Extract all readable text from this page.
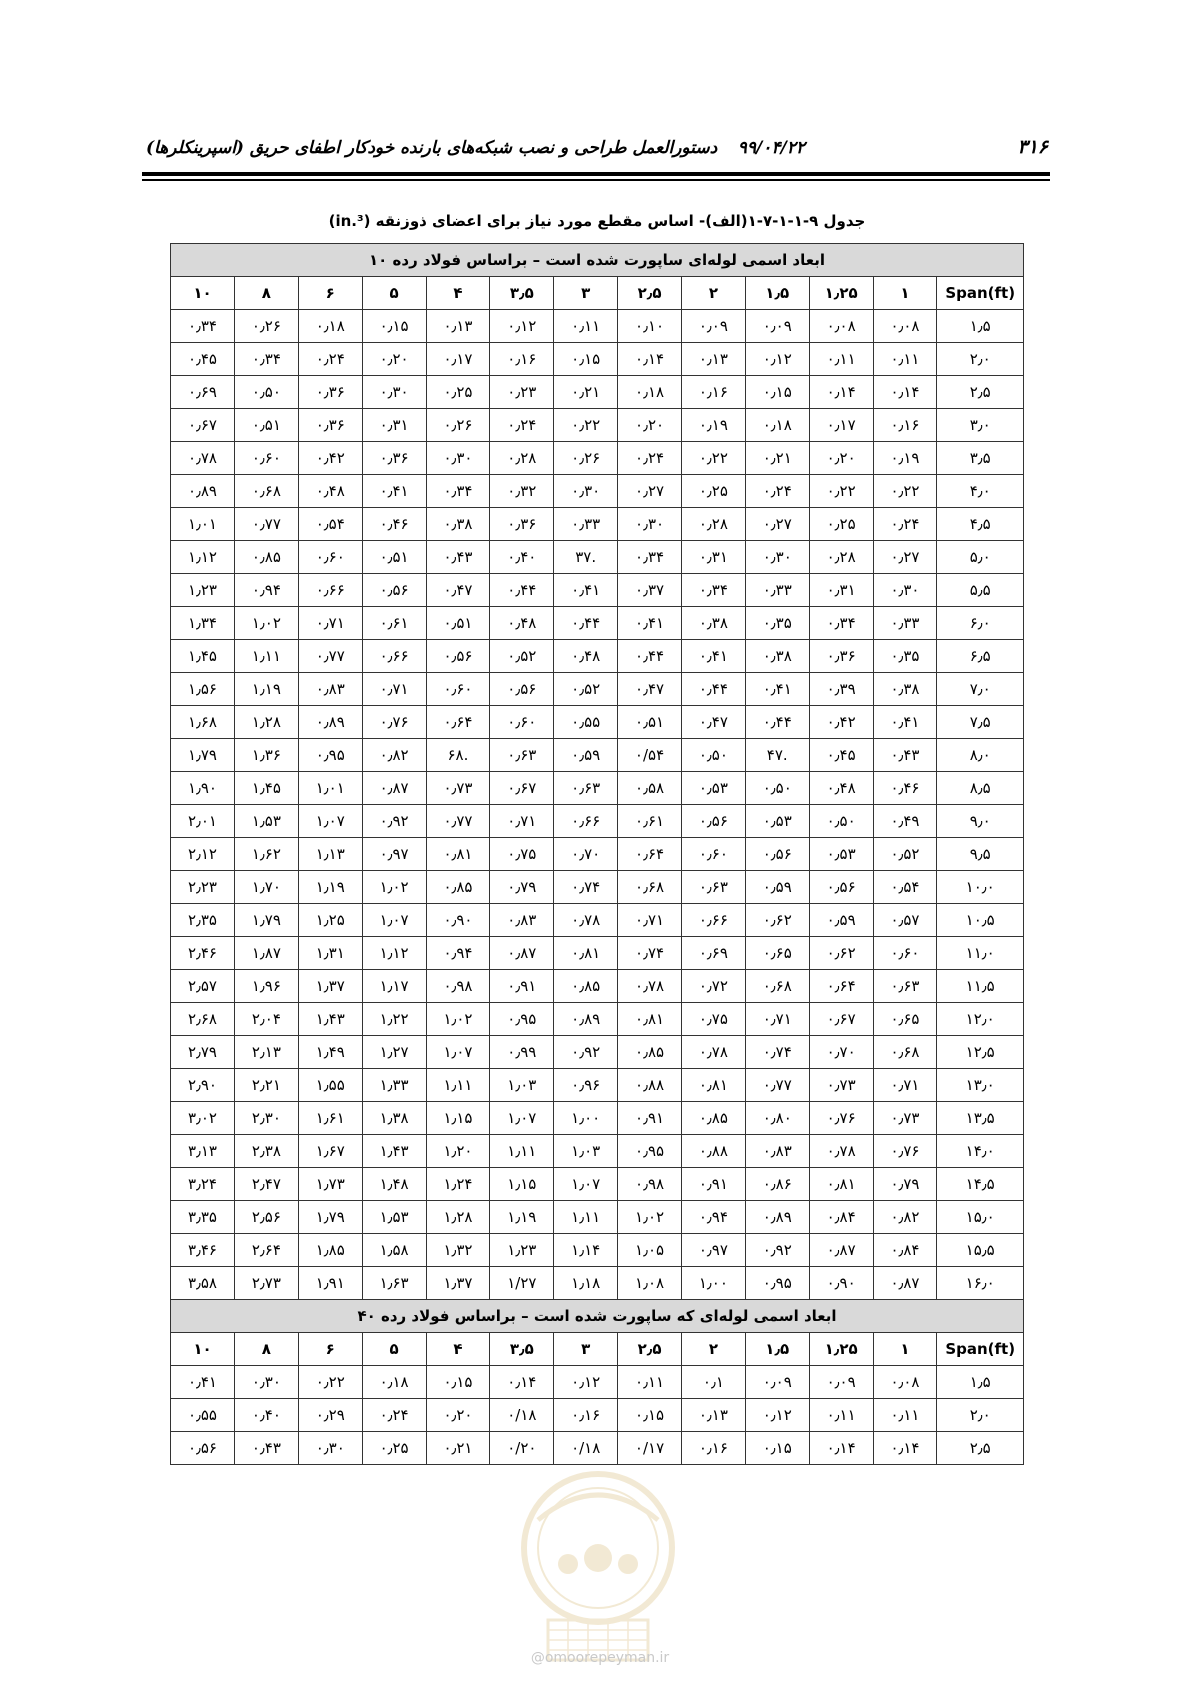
۳۱۶
۹۹/۰۴/۲۲
دستورالعمل طراحی و نصب شبکه‌های بارنده خودکار اطفای حریق (اسپرینکلرها)
جدول ۹-۱-۱-۷-۱(الف)- اساس مقطع مورد نیاز برای اعضای ذوزنقه (in.³)
ابعاد اسمی لوله‌ای ساپورت شده است – براساس فولاد رده ۱۰												
(ft)Span	۱	۱٫۲۵	۱٫۵	۲	۲٫۵	۳	۳٫۵	۴	۵	۶	۸	۱۰
۱٫۵	۰٫۰۸	۰٫۰۸	۰٫۰۹	۰٫۰۹	۰٫۱۰	۰٫۱۱	۰٫۱۲	۰٫۱۳	۰٫۱۵	۰٫۱۸	۰٫۲۶	۰٫۳۴
۲٫۰	۰٫۱۱	۰٫۱۱	۰٫۱۲	۰٫۱۳	۰٫۱۴	۰٫۱۵	۰٫۱۶	۰٫۱۷	۰٫۲۰	۰٫۲۴	۰٫۳۴	۰٫۴۵
۲٫۵	۰٫۱۴	۰٫۱۴	۰٫۱۵	۰٫۱۶	۰٫۱۸	۰٫۲۱	۰٫۲۳	۰٫۲۵	۰٫۳۰	۰٫۳۶	۰٫۵۰	۰٫۶۹
۳٫۰	۰٫۱۶	۰٫۱۷	۰٫۱۸	۰٫۱۹	۰٫۲۰	۰٫۲۲	۰٫۲۴	۰٫۲۶	۰٫۳۱	۰٫۳۶	۰٫۵۱	۰٫۶۷
۳٫۵	۰٫۱۹	۰٫۲۰	۰٫۲۱	۰٫۲۲	۰٫۲۴	۰٫۲۶	۰٫۲۸	۰٫۳۰	۰٫۳۶	۰٫۴۲	۰٫۶۰	۰٫۷۸
۴٫۰	۰٫۲۲	۰٫۲۲	۰٫۲۴	۰٫۲۵	۰٫۲۷	۰٫۳۰	۰٫۳۲	۰٫۳۴	۰٫۴۱	۰٫۴۸	۰٫۶۸	۰٫۸۹
۴٫۵	۰٫۲۴	۰٫۲۵	۰٫۲۷	۰٫۲۸	۰٫۳۰	۰٫۳۳	۰٫۳۶	۰٫۳۸	۰٫۴۶	۰٫۵۴	۰٫۷۷	۱٫۰۱
۵٫۰	۰٫۲۷	۰٫۲۸	۰٫۳۰	۰٫۳۱	۰٫۳۴	.۳۷	۰٫۴۰	۰٫۴۳	۰٫۵۱	۰٫۶۰	۰٫۸۵	۱٫۱۲
۵٫۵	۰٫۳۰	۰٫۳۱	۰٫۳۳	۰٫۳۴	۰٫۳۷	۰٫۴۱	۰٫۴۴	۰٫۴۷	۰٫۵۶	۰٫۶۶	۰٫۹۴	۱٫۲۳
۶٫۰	۰٫۳۳	۰٫۳۴	۰٫۳۵	۰٫۳۸	۰٫۴۱	۰٫۴۴	۰٫۴۸	۰٫۵۱	۰٫۶۱	۰٫۷۱	۱٫۰۲	۱٫۳۴
۶٫۵	۰٫۳۵	۰٫۳۶	۰٫۳۸	۰٫۴۱	۰٫۴۴	۰٫۴۸	۰٫۵۲	۰٫۵۶	۰٫۶۶	۰٫۷۷	۱٫۱۱	۱٫۴۵
۷٫۰	۰٫۳۸	۰٫۳۹	۰٫۴۱	۰٫۴۴	۰٫۴۷	۰٫۵۲	۰٫۵۶	۰٫۶۰	۰٫۷۱	۰٫۸۳	۱٫۱۹	۱٫۵۶
۷٫۵	۰٫۴۱	۰٫۴۲	۰٫۴۴	۰٫۴۷	۰٫۵۱	۰٫۵۵	۰٫۶۰	۰٫۶۴	۰٫۷۶	۰٫۸۹	۱٫۲۸	۱٫۶۸
۸٫۰	۰٫۴۳	۰٫۴۵	.۴۷	۰٫۵۰	۰/۵۴	۰٫۵۹	۰٫۶۳	.۶۸	۰٫۸۲	۰٫۹۵	۱٫۳۶	۱٫۷۹
۸٫۵	۰٫۴۶	۰٫۴۸	۰٫۵۰	۰٫۵۳	۰٫۵۸	۰٫۶۳	۰٫۶۷	۰٫۷۳	۰٫۸۷	۱٫۰۱	۱٫۴۵	۱٫۹۰
۹٫۰	۰٫۴۹	۰٫۵۰	۰٫۵۳	۰٫۵۶	۰٫۶۱	۰٫۶۶	۰٫۷۱	۰٫۷۷	۰٫۹۲	۱٫۰۷	۱٫۵۳	۲٫۰۱
۹٫۵	۰٫۵۲	۰٫۵۳	۰٫۵۶	۰٫۶۰	۰٫۶۴	۰٫۷۰	۰٫۷۵	۰٫۸۱	۰٫۹۷	۱٫۱۳	۱٫۶۲	۲٫۱۲
۱۰٫۰	۰٫۵۴	۰٫۵۶	۰٫۵۹	۰٫۶۳	۰٫۶۸	۰٫۷۴	۰٫۷۹	۰٫۸۵	۱٫۰۲	۱٫۱۹	۱٫۷۰	۲٫۲۳
۱۰٫۵	۰٫۵۷	۰٫۵۹	۰٫۶۲	۰٫۶۶	۰٫۷۱	۰٫۷۸	۰٫۸۳	۰٫۹۰	۱٫۰۷	۱٫۲۵	۱٫۷۹	۲٫۳۵
۱۱٫۰	۰٫۶۰	۰٫۶۲	۰٫۶۵	۰٫۶۹	۰٫۷۴	۰٫۸۱	۰٫۸۷	۰٫۹۴	۱٫۱۲	۱٫۳۱	۱٫۸۷	۲٫۴۶
۱۱٫۵	۰٫۶۳	۰٫۶۴	۰٫۶۸	۰٫۷۲	۰٫۷۸	۰٫۸۵	۰٫۹۱	۰٫۹۸	۱٫۱۷	۱٫۳۷	۱٫۹۶	۲٫۵۷
۱۲٫۰	۰٫۶۵	۰٫۶۷	۰٫۷۱	۰٫۷۵	۰٫۸۱	۰٫۸۹	۰٫۹۵	۱٫۰۲	۱٫۲۲	۱٫۴۳	۲٫۰۴	۲٫۶۸
۱۲٫۵	۰٫۶۸	۰٫۷۰	۰٫۷۴	۰٫۷۸	۰٫۸۵	۰٫۹۲	۰٫۹۹	۱٫۰۷	۱٫۲۷	۱٫۴۹	۲٫۱۳	۲٫۷۹
۱۳٫۰	۰٫۷۱	۰٫۷۳	۰٫۷۷	۰٫۸۱	۰٫۸۸	۰٫۹۶	۱٫۰۳	۱٫۱۱	۱٫۳۳	۱٫۵۵	۲٫۲۱	۲٫۹۰
۱۳٫۵	۰٫۷۳	۰٫۷۶	۰٫۸۰	۰٫۸۵	۰٫۹۱	۱٫۰۰	۱٫۰۷	۱٫۱۵	۱٫۳۸	۱٫۶۱	۲٫۳۰	۳٫۰۲
۱۴٫۰	۰٫۷۶	۰٫۷۸	۰٫۸۳	۰٫۸۸	۰٫۹۵	۱٫۰۳	۱٫۱۱	۱٫۲۰	۱٫۴۳	۱٫۶۷	۲٫۳۸	۳٫۱۳
۱۴٫۵	۰٫۷۹	۰٫۸۱	۰٫۸۶	۰٫۹۱	۰٫۹۸	۱٫۰۷	۱٫۱۵	۱٫۲۴	۱٫۴۸	۱٫۷۳	۲٫۴۷	۳٫۲۴
۱۵٫۰	۰٫۸۲	۰٫۸۴	۰٫۸۹	۰٫۹۴	۱٫۰۲	۱٫۱۱	۱٫۱۹	۱٫۲۸	۱٫۵۳	۱٫۷۹	۲٫۵۶	۳٫۳۵
۱۵٫۵	۰٫۸۴	۰٫۸۷	۰٫۹۲	۰٫۹۷	۱٫۰۵	۱٫۱۴	۱٫۲۳	۱٫۳۲	۱٫۵۸	۱٫۸۵	۲٫۶۴	۳٫۴۶
۱۶٫۰	۰٫۸۷	۰٫۹۰	۰٫۹۵	۱٫۰۰	۱٫۰۸	۱٫۱۸	۱/۲۷	۱٫۳۷	۱٫۶۳	۱٫۹۱	۲٫۷۳	۳٫۵۸
ابعاد اسمی لوله‌ای که ساپورت شده است – براساس فولاد رده ۴۰												
(ft)Span	۱	۱٫۲۵	۱٫۵	۲	۲٫۵	۳	۳٫۵	۴	۵	۶	۸	۱۰
۱٫۵	۰٫۰۸	۰٫۰۹	۰٫۰۹	۰٫۱	۰٫۱۱	۰٫۱۲	۰٫۱۴	۰٫۱۵	۰٫۱۸	۰٫۲۲	۰٫۳۰	۰٫۴۱
۲٫۰	۰٫۱۱	۰٫۱۱	۰٫۱۲	۰٫۱۳	۰٫۱۵	۰٫۱۶	۰/۱۸	۰٫۲۰	۰٫۲۴	۰٫۲۹	۰٫۴۰	۰٫۵۵
۲٫۵	۰٫۱۴	۰٫۱۴	۰٫۱۵	۰٫۱۶	۰/۱۷	۰/۱۸	۰/۲۰	۰٫۲۱	۰٫۲۵	۰٫۳۰	۰٫۴۳	۰٫۵۶
@omoorepeyman.ir
